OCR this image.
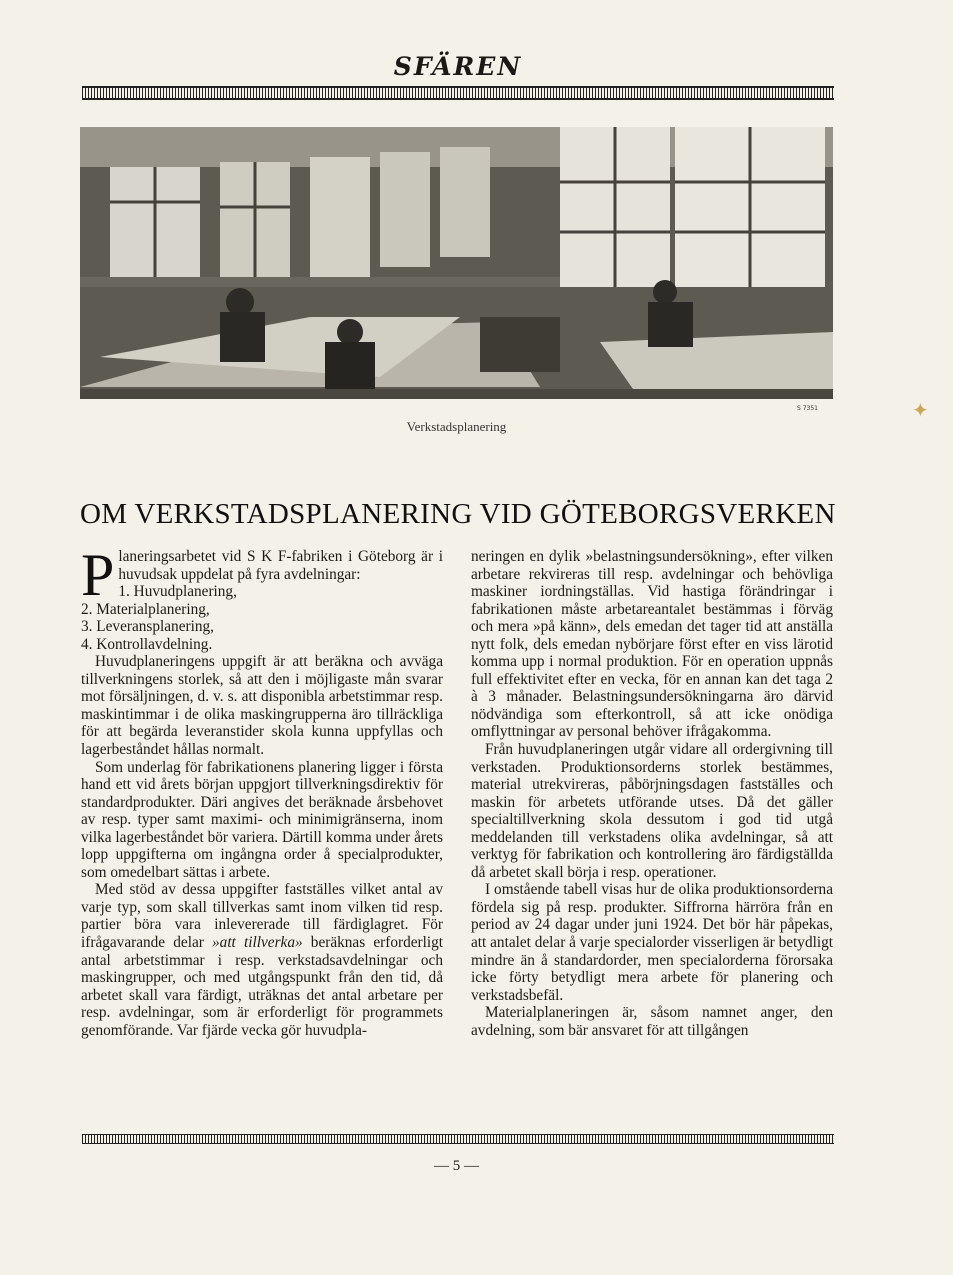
SFÄREN
S 7351
Verkstadsplanering
✦
OM VERKSTADSPLANERING VID GÖTEBORGSVERKEN

Planeringsarbetet vid S K F-fabriken i Göteborg är i huvudsak uppdelat på fyra avdelningar:

1. Huvudplanering,

2. Materialplanering,

3. Leveransplanering,

4. Kontrollavdelning.

Huvudplaneringens uppgift är att beräkna och avväga tillverkningens storlek, så att den i möjligaste mån svarar mot försäljningen, d. v. s. att disponibla arbetstimmar resp. maskintimmar i de olika maskingrupperna äro tillräckliga för att begärda leveranstider skola kunna uppfyllas och lagerbeståndet hållas normalt.

Som underlag för fabrikationens planering ligger i första hand ett vid årets början uppgjort tillverkningsdirektiv för standardprodukter. Däri angives det beräknade årsbehovet av resp. typer samt maximi- och minimigränserna, inom vilka lagerbeståndet bör variera. Därtill komma under årets lopp uppgifterna om ingångna order å specialprodukter, som omedelbart sättas i arbete.

Med stöd av dessa uppgifter fastställes vilket antal av varje typ, som skall tillverkas samt inom vilken tid resp. partier böra vara inlevererade till färdiglagret. För ifrågavarande delar »att tillverka» beräknas erforderligt antal arbetstimmar i resp. verkstadsavdelningar och maskingrupper, och med utgångspunkt från den tid, då arbetet skall vara färdigt, uträknas det antal arbetare per resp. avdelningar, som är erforderligt för programmets genomförande. Var fjärde vecka gör huvudpla-

neringen en dylik »belastningsundersökning», efter vilken arbetare rekvireras till resp. avdelningar och behövliga maskiner iordningställas. Vid hastiga förändringar i fabrikationen måste arbetareantalet bestämmas i förväg och mera »på känn», dels emedan det tager tid att anställa nytt folk, dels emedan nybörjare först efter en viss lärotid komma upp i normal produktion. För en operation uppnås full effektivitet efter en vecka, för en annan kan det taga 2 à 3 månader. Belastningsundersökningarna äro därvid nödvändiga som efterkontroll, så att icke onödiga omflyttningar av personal behöver ifrågakomma.

Från huvudplaneringen utgår vidare all ordergivning till verkstaden. Produktionsorderns storlek bestämmes, material utrekvireras, påbörjningsdagen fastställes och maskin för arbetets utförande utses. Då det gäller specialtillverkning skola dessutom i god tid utgå meddelanden till verkstadens olika avdelningar, så att verktyg för fabrikation och kontrollering äro färdigställda då arbetet skall börja i resp. operationer.

I omstående tabell visas hur de olika produktionsorderna fördela sig på resp. produkter. Siffrorna härröra från en period av 24 dagar under juni 1924. Det bör här påpekas, att antalet delar å varje specialorder visserligen är betydligt mindre än å standardorder, men specialorderna förorsaka icke förty betydligt mera arbete för planering och verkstadsbefäl.

Materialplaneringen är, såsom namnet anger, den avdelning, som bär ansvaret för att tillgången

— 5 —
